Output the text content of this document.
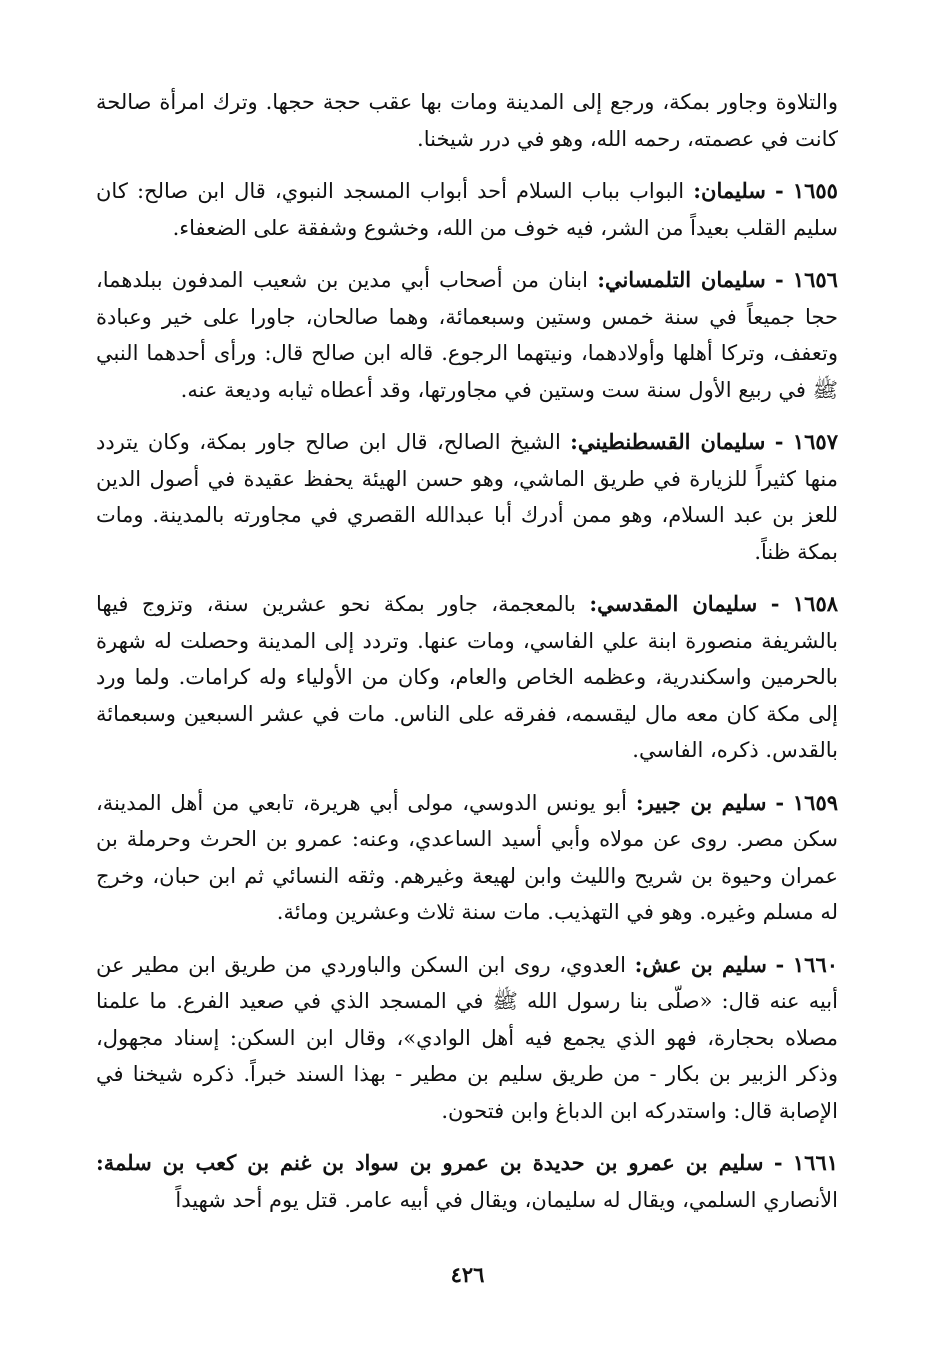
والتلاوة وجاور بمكة، ورجع إلى المدينة ومات بها عقب حجة حجها. وترك امرأة صالحة كانت في عصمته، رحمه الله، وهو في درر شيخنا.

١٦٥٥ - سليمان: البواب بباب السلام أحد أبواب المسجد النبوي، قال ابن صالح: كان سليم القلب بعيداً من الشر، فيه خوف من الله، وخشوع وشفقة على الضعفاء.

١٦٥٦ - سليمان التلمساني: ابنان من أصحاب أبي مدين بن شعيب المدفون ببلدهما، حجا جميعاً في سنة خمس وستين وسبعمائة، وهما صالحان، جاورا على خير وعبادة وتعفف، وتركا أهلها وأولادهما، ونيتهما الرجوع. قاله ابن صالح قال: ورأى أحدهما النبي ﷺ في ربيع الأول سنة ست وستين في مجاورتها، وقد أعطاه ثيابه وديعة عنه.

١٦٥٧ - سليمان القسطنطيني: الشيخ الصالح، قال ابن صالح جاور بمكة، وكان يتردد منها كثيراً للزيارة في طريق الماشي، وهو حسن الهيئة يحفظ عقيدة في أصول الدين للعز بن عبد السلام، وهو ممن أدرك أبا عبدالله القصري في مجاورته بالمدينة. ومات بمكة ظناً.

١٦٥٨ - سليمان المقدسي: بالمعجمة، جاور بمكة نحو عشرين سنة، وتزوج فيها بالشريفة منصورة ابنة علي الفاسي، ومات عنها. وتردد إلى المدينة وحصلت له شهرة بالحرمين واسكندرية، وعظمه الخاص والعام، وكان من الأولياء وله كرامات. ولما ورد إلى مكة كان معه مال ليقسمه، ففرقه على الناس. مات في عشر السبعين وسبعمائة بالقدس. ذكره، الفاسي.

١٦٥٩ - سليم بن جبير: أبو يونس الدوسي، مولى أبي هريرة، تابعي من أهل المدينة، سكن مصر. روى عن مولاه وأبي أسيد الساعدي، وعنه: عمرو بن الحرث وحرملة بن عمران وحيوة بن شريح والليث وابن لهيعة وغيرهم. وثقه النسائي ثم ابن حبان، وخرج له مسلم وغيره. وهو في التهذيب. مات سنة ثلاث وعشرين ومائة.

١٦٦٠ - سليم بن عش: العدوي، روى ابن السكن والباوردي من طريق ابن مطير عن أبيه عنه قال: «صلّى بنا رسول الله ﷺ في المسجد الذي في صعيد الفرع. ما علمنا مصلاه بحجارة، فهو الذي يجمع فيه أهل الوادي»، وقال ابن السكن: إسناد مجهول، وذكر الزبير بن بكار - من طريق سليم بن مطير - بهذا السند خبراً. ذكره شيخنا في الإصابة قال: واستدركه ابن الدباغ وابن فتحون.

١٦٦١ - سليم بن عمرو بن حديدة بن عمرو بن سواد بن غنم بن كعب بن سلمة: الأنصاري السلمي، ويقال له سليمان، ويقال في أبيه عامر. قتل يوم أحد شهيداً

٤٢٦
